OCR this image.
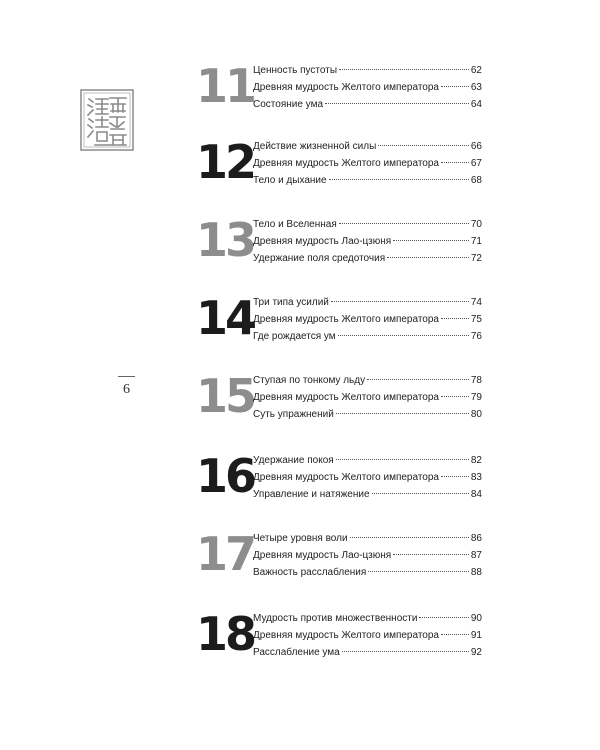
6
11
Ценность пустоты	62
Древняя мудрость Желтого императора	63
Состояние ума	64
12
Действие жизненной силы	66
Древняя мудрость Желтого императора	67
Тело и дыхание	68
13
Тело и Вселенная	70
Древняя мудрость Лао-цзюня	71
Удержание поля средоточия	72
14
Три типа усилий	74
Древняя мудрость Желтого императора	75
Где рождается ум	76
15
Ступая по тонкому льду	78
Древняя мудрость Желтого императора	79
Суть упражнений	80
16
Удержание покоя	82
Древняя мудрость Желтого императора	83
Управление и натяжение	84
17
Четыре уровня воли	86
Древняя мудрость Лао-цзюня	87
Важность расслабления	88
18
Мудрость против множественности	90
Древняя мудрость Желтого императора	91
Расслабление ума	92
